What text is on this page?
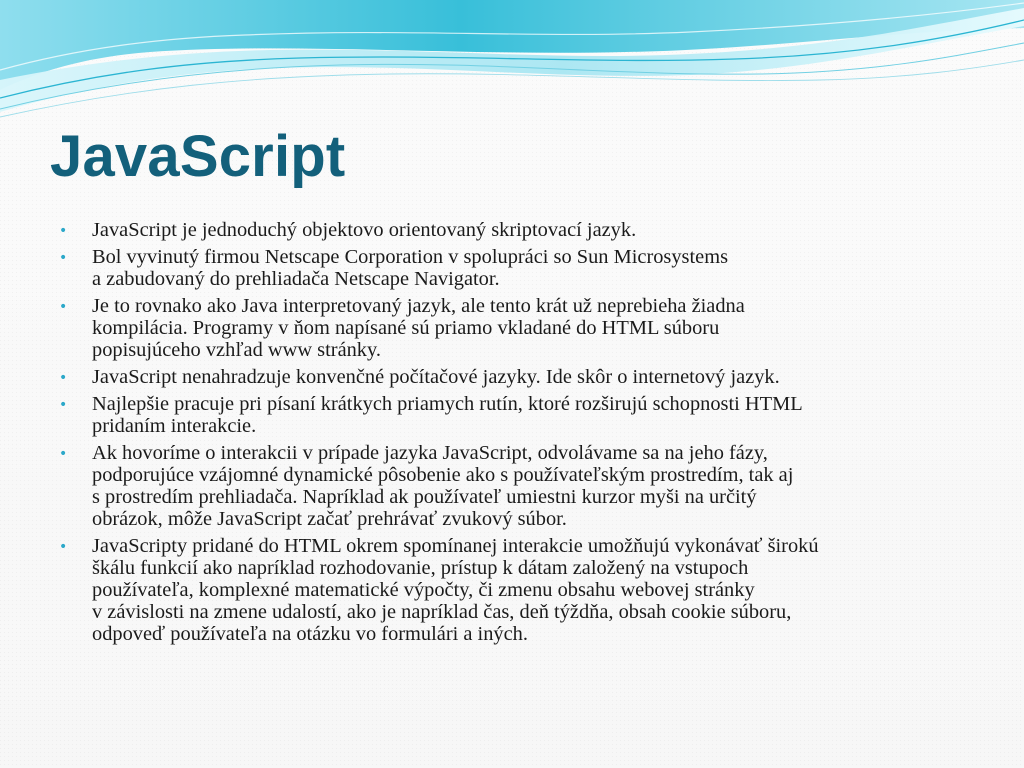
JavaScript
• JavaScript je jednoduchý objektovo orientovaný skriptovací jazyk.
• Bol vyvinutý firmou Netscape Corporation v spolupráci so Sun Microsystems
a zabudovaný do prehliadača Netscape Navigator.
• Je to rovnako ako Java interpretovaný jazyk, ale tento krát už neprebieha žiadna
kompilácia. Programy v ňom napísané sú priamo vkladané do HTML súboru
popisujúceho vzhľad www stránky.
• JavaScript nenahradzuje konvenčné počítačové jazyky. Ide skôr o internetový jazyk.
• Najlepšie pracuje pri písaní krátkych priamych rutín, ktoré rozširujú schopnosti HTML
pridaním interakcie.
• Ak hovoríme o interakcii v prípade jazyka JavaScript, odvolávame sa na jeho fázy,
podporujúce vzájomné dynamické pôsobenie ako s používateľským prostredím, tak aj
s prostredím prehliadača. Napríklad ak používateľ umiestni kurzor myši na určitý
obrázok, môže JavaScript začať prehrávať zvukový súbor.
• JavaScripty pridané do HTML okrem spomínanej interakcie umožňujú vykonávať širokú
škálu funkcií ako napríklad rozhodovanie, prístup k dátam založený na vstupoch
používateľa, komplexné matematické výpočty, či zmenu obsahu webovej stránky
v závislosti na zmene udalostí, ako je napríklad čas, deň týždňa, obsah cookie súboru,
odpoveď používateľa na otázku vo formulári a iných.
